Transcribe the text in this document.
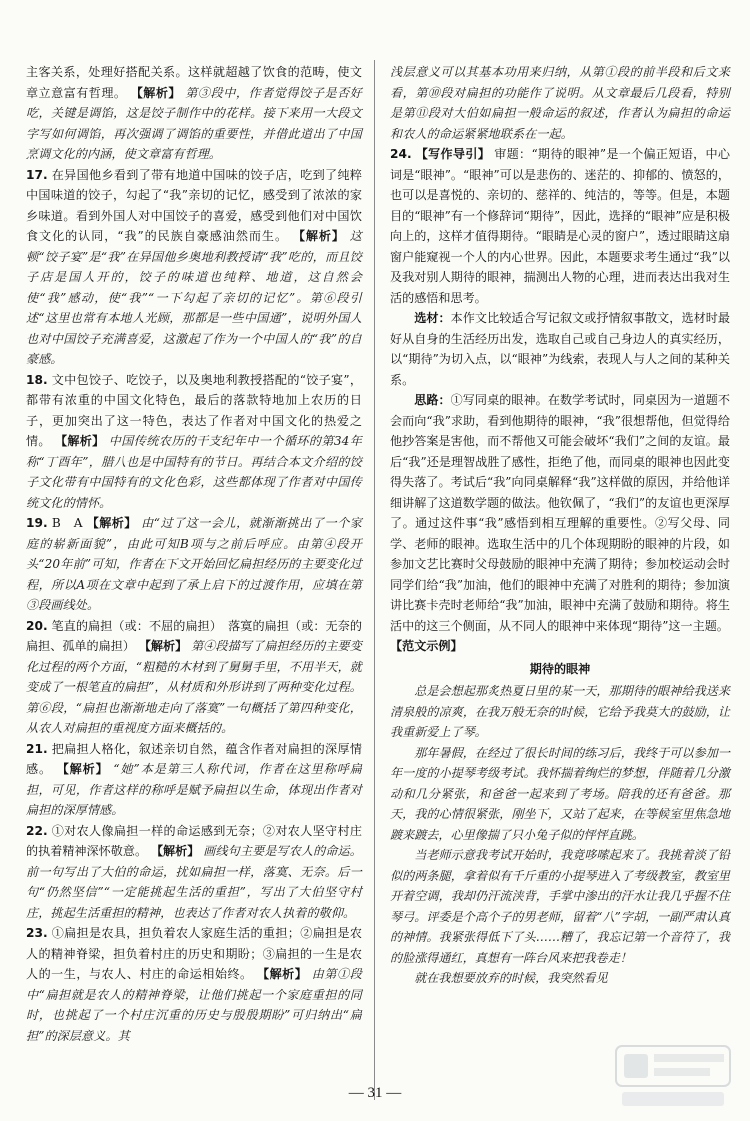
主客关系，处理好搭配关系。这样就超越了饮食的范畴，使文章立意富有哲理。 【解析】 第③段中，作者觉得饺子是否好吃，关键是调馅，这是饺子制作中的花样。接下来用一大段文字写如何调馅，再次强调了调馅的重要性，并借此道出了中国烹调文化的内涵，使文章富有哲理。
17. 在异国他乡看到了带有地道中国味的饺子店，吃到了纯粹中国味道的饺子，勾起了“我”亲切的记忆，感受到了浓浓的家乡味道。看到外国人对中国饺子的喜爱，感受到他们对中国饮食文化的认同，“我”的民族自豪感油然而生。 【解析】 这顿“饺子宴”是“我”在异国他乡奥地利教授请“我”吃的，而且饺子店是国人开的，饺子的味道也纯粹、地道，这自然会使“我”感动，使“我”“一下勾起了亲切的记忆”。第⑥段引述“这里也常有本地人光顾，那都是一些中国通”，说明外国人也对中国饺子充满喜爱，这激起了作为一个中国人的“我”的自豪感。
18. 文中包饺子、吃饺子，以及奥地利教授搭配的“饺子宴”，都带有浓重的中国文化特色，最后的落款特地加上农历的日子，更加突出了这一特色，表达了作者对中国文化的热爱之情。 【解析】 中国传统农历的干支纪年中一个循环的第34年称“丁酉年”，腊八也是中国特有的节日。再结合本文介绍的饺子文化带有中国特有的文化色彩，这些都体现了作者对中国传统文化的情怀。
19. B　A 【解析】 由“过了这一会儿，就渐渐挑出了一个家庭的崭新面貌”，由此可知B项与之前后呼应。由第④段开头“20年前”可知，作者在下文开始回忆扁担经历的主要变化过程，所以A项在文章中起到了承上启下的过渡作用，应填在第③段画线处。
20. 笔直的扁担（或：不屈的扁担）　落寞的扁担（或：无奈的扁担、孤单的扁担） 【解析】 第④段描写了扁担经历的主要变化过程的两个方面，“粗糙的木材到了舅舅手里，不用半天，就变成了一根笔直的扁担”，从材质和外形讲到了两种变化过程。第⑥段，“扁担也渐渐地走向了落寞”一句概括了第四种变化，从农人对扁担的重视度方面来概括的。
21. 把扁担人格化，叙述亲切自然，蕴含作者对扁担的深厚情感。 【解析】 “她”本是第三人称代词，作者在这里称呼扁担，可见，作者这样的称呼是赋予扁担以生命，体现出作者对扁担的深厚情感。
22. ①对农人像扁担一样的命运感到无奈；②对农人坚守村庄的执着精神深怀敬意。 【解析】 画线句主要是写农人的命运。前一句写出了大伯的命运，扰如扁担一样，落寞、无奈。后一句“仍然坚信”“一定能挑起生活的重担”，写出了大伯坚守村庄，挑起生活重担的精神，也表达了作者对农人执着的敬仰。
23. ①扁担是农具，担负着农人家庭生活的重担；②扁担是农人的精神脊梁，担负着村庄的历史和期盼；③扁担的一生是农人的一生，与农人、村庄的命运相始终。 【解析】 由第①段中“扁担就是农人的精神脊梁，让他们挑起一个家庭重担的同时，也挑起了一个村庄沉重的历史与殷殷期盼”可归纳出“扁担”的深层意义。其
浅层意义可以其基本功用来归纳，从第①段的前半段和后文来看，第⑩段对扁担的功能作了说明。从文章最后几段看，特别是第⑪段对大伯如扁担一般命运的叙述，作者认为扁担的命运和农人的命运紧紧地联系在一起。
24. 【写作导引】 审题：“期待的眼神”是一个偏正短语，中心词是“眼神”。“眼神”可以是悲伤的、迷茫的、抑郁的、愤怒的，也可以是喜悦的、亲切的、慈祥的、纯洁的，等等。但是，本题目的“眼神”有一个修辞词“期待”，因此，选择的“眼神”应是积极向上的，这样才值得期待。“眼睛是心灵的窗户”，透过眼睛这扇窗户能窥视一个人的内心世界。因此，本题要求考生通过“我”以及我对别人期待的眼神，揣测出人物的心理，进而表达出我对生活的感悟和思考。
选材：本作文比较适合写记叙文或抒情叙事散文，选材时最好从自身的生活经历出发，选取自己或自己身边人的真实经历，以“期待”为切入点，以“眼神”为线索，表现人与人之间的某种关系。
思路：①写同桌的眼神。在数学考试时，同桌因为一道题不会而向“我”求助，看到他期待的眼神，“我”很想帮他，但觉得给他抄答案是害他，而不帮他又可能会破坏“我们”之间的友谊。最后“我”还是理智战胜了感性，拒绝了他，而同桌的眼神也因此变得失落了。考试后“我”向同桌解释“我”这样做的原因，并给他详细讲解了这道数学题的做法。他钦佩了，“我们”的友谊也更深厚了。通过这件事“我”感悟到相互理解的重要性。②写父母、同学、老师的眼神。选取生活中的几个体现期盼的眼神的片段，如参加文艺比赛时父母鼓励的眼神中充满了期待；参加校运动会时同学们给“我”加油，他们的眼神中充满了对胜利的期待；参加演讲比赛卡壳时老师给“我”加油，眼神中充满了鼓励和期待。将生活中的这三个侧面，从不同人的眼神中来体现“期待”这一主题。
【范文示例】
期待的眼神

总是会想起那炙热夏日里的某一天，那期待的眼神给我送来清泉般的凉爽，在我万般无奈的时候，它给予我莫大的鼓励，让我重新爱上了琴。

那年暑假，在经过了很长时间的练习后，我终于可以参加一年一度的小提琴考级考试。我怀揣着绚烂的梦想，伴随着几分激动和几分紧张，和爸爸一起来到了考场。陪我的还有爸爸。那天，我的心情很紧张，刚坐下，又站了起来，在等候室里焦急地踱来踱去，心里像揣了只小兔子似的怦怦直跳。

当老师示意我考试开始时，我竟哆嗦起来了。我挑着淡了铅似的两条腿，拿着似有千斤重的小提琴进入了考级教室，教室里开着空调，我却仍汗流浃背，手掌中渗出的汗水让我几乎握不住琴弓。评委是个高个子的男老师，留着“八”字胡，一副严肃认真的神情。我紧张得低下了头……糟了，我忘记第一个音符了，我的脸涨得通红，真想有一阵台风来把我卷走！

就在我想要放弃的时候，我突然看见

— 31 —
